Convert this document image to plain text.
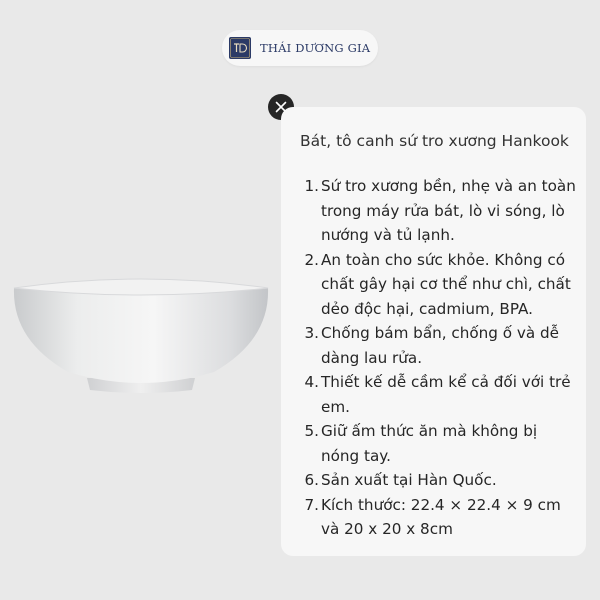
THÁI DƯƠNG GIA
Bát, tô canh sứ tro xương Hankook
1. Sứ tro xương bền, nhẹ và an toàn trong máy rửa bát, lò vi sóng, lò nướng và tủ lạnh.
2. An toàn cho sức khỏe. Không có chất gây hại cơ thể như chì, chất dẻo độc hại, cadmium, BPA.
3. Chống bám bẩn, chống ố và dễ dàng lau rửa.
4. Thiết kế dễ cầm kể cả đối với trẻ em.
5. Giữ ấm thức ăn mà không bị nóng tay.
6. Sản xuất tại Hàn Quốc.
7. Kích thước: 22.4 × 22.4 × 9 cm và 20 x 20 x 8cm
